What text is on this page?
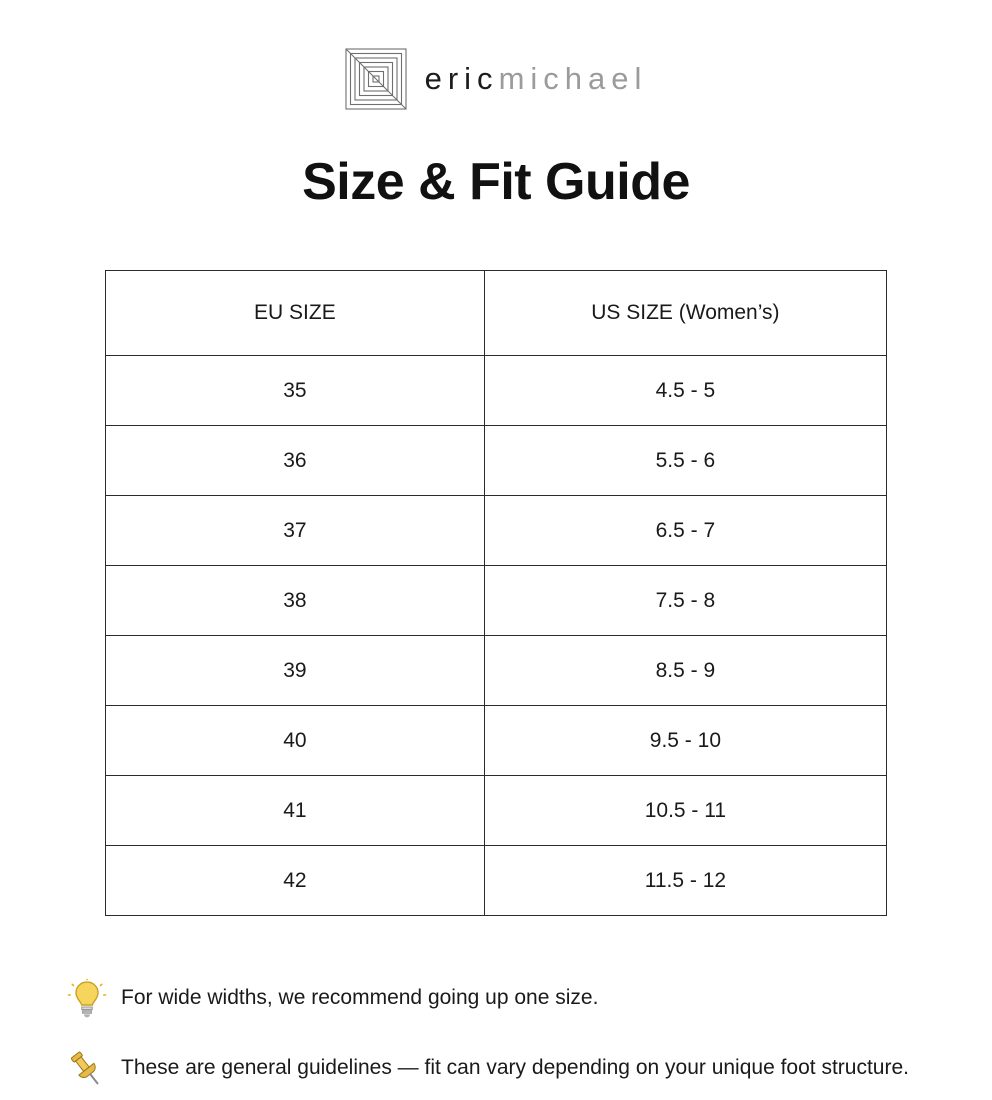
ericmichael
Size & Fit Guide
EU SIZE	US SIZE (Women’s)
35	4.5 - 5
36	5.5 - 6
37	6.5 - 7
38	7.5 - 8
39	8.5 - 9
40	9.5 - 10
41	10.5 - 11
42	11.5 - 12
For wide widths, we recommend going up one size.
These are general guidelines — fit can vary depending on your unique foot structure.
